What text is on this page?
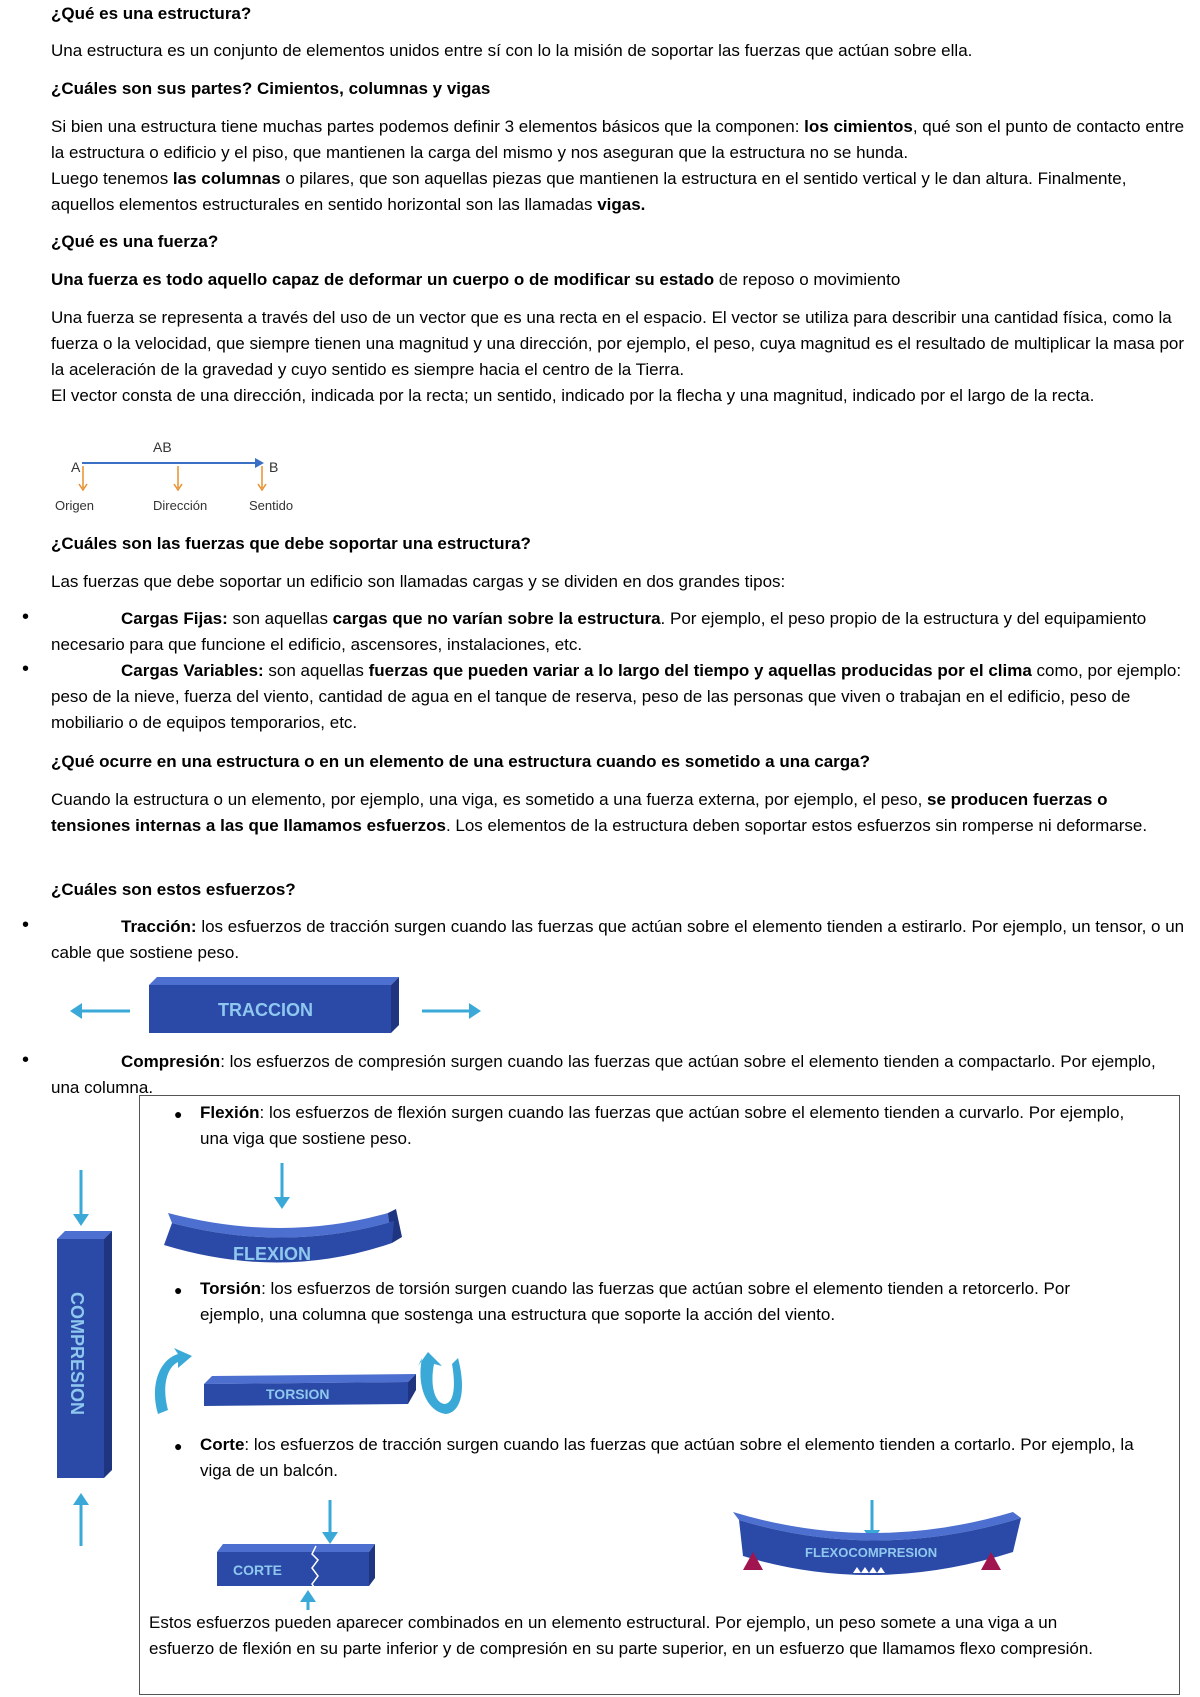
¿Qué es una estructura?

Una estructura es un conjunto de elementos unidos entre sí con lo la misión de soportar las fuerzas que actúan sobre ella.

¿Cuáles son sus partes? Cimientos, columnas y vigas

Si bien una estructura tiene muchas partes podemos definir 3 elementos básicos que la componen: los cimientos, qué son el punto de contacto entre la estructura o edificio y el piso, que mantienen la carga del mismo y nos aseguran que la estructura no se hunda.
Luego tenemos las columnas o pilares, que son aquellas piezas que mantienen la estructura en el sentido vertical y le dan altura. Finalmente, aquellos elementos estructurales en sentido horizontal son las llamadas vigas.

¿Qué es una fuerza?

Una fuerza es todo aquello capaz de deformar un cuerpo o de modificar su estado de reposo o movimiento

Una fuerza se representa a través del uso de un vector que es una recta en el espacio. El vector se utiliza para describir una cantidad física, como la fuerza o la velocidad, que siempre tienen una magnitud y una dirección, por ejemplo, el peso, cuya magnitud es el resultado de multiplicar la masa por la aceleración de la gravedad y cuyo sentido es siempre hacia el centro de la Tierra.
El vector consta de una dirección, indicada por la recta; un sentido, indicado por la flecha y una magnitud, indicado por el largo de la recta.

AB
A	B
Origen	Dirección	Sentido

¿Cuáles son las fuerzas que debe soportar una estructura?

Las fuerzas que debe soportar un edificio son llamadas cargas y se dividen en dos grandes tipos:

•	Cargas Fijas: son aquellas cargas que no varían sobre la estructura. Por ejemplo, el peso propio de la estructura y del equipamiento necesario para que funcione el edificio, ascensores, instalaciones, etc.

•	Cargas Variables: son aquellas fuerzas que pueden variar a lo largo del tiempo y aquellas producidas por el clima como, por ejemplo: peso de la nieve, fuerza del viento, cantidad de agua en el tanque de reserva, peso de las personas que viven o trabajan en el edificio, peso de mobiliario o de equipos temporarios, etc.

¿Qué ocurre en una estructura o en un elemento de una estructura cuando es sometido a una carga?

Cuando la estructura o un elemento, por ejemplo, una viga, es sometido a una fuerza externa, por ejemplo, el peso, se producen fuerzas o tensiones internas a las que llamamos esfuerzos. Los elementos de la estructura deben soportar estos esfuerzos sin romperse ni deformarse.

¿Cuáles son estos esfuerzos?

•	Tracción: los esfuerzos de tracción surgen cuando las fuerzas que actúan sobre el elemento tienden a estirarlo. Por ejemplo, un tensor, o un cable que sostiene peso.

TRACCION
•	Compresión: los esfuerzos de compresión surgen cuando las fuerzas que actúan sobre el elemento tienden a compactarlo. Por ejemplo, una columna.

COMPRESION
● Flexión: los esfuerzos de flexión surgen cuando las fuerzas que actúan sobre el elemento tienden a curvarlo. Por ejemplo, una viga que sostiene peso.

FLEXION
● Torsión: los esfuerzos de torsión surgen cuando las fuerzas que actúan sobre el elemento tienden a retorcerlo. Por ejemplo, una columna que sostenga una estructura que soporte la acción del viento.

TORSION
● Corte: los esfuerzos de tracción surgen cuando las fuerzas que actúan sobre el elemento tienden a cortarlo. Por ejemplo, la viga de un balcón.

CORTE
FLEXOCOMPRESION

Estos esfuerzos pueden aparecer combinados en un elemento estructural. Por ejemplo, un peso somete a una viga a un esfuerzo de flexión en su parte inferior y de compresión en su parte superior, en un esfuerzo que llamamos flexo compresión.
